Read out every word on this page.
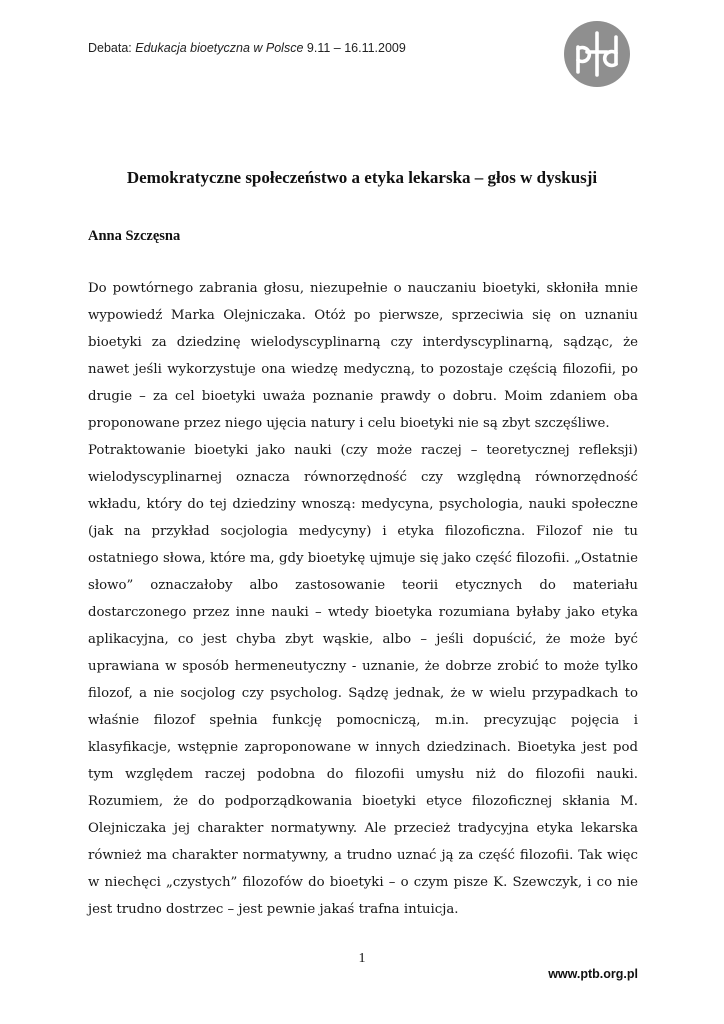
Debata: Edukacja bioetyczna w Polsce 9.11 – 16.11.2009
Demokratyczne społeczeństwo a etyka lekarska – głos w dyskusji
Anna Szczęsna

Do powtórnego zabrania głosu, niezupełnie o nauczaniu bioetyki, skłoniła mnie wypowiedź Marka Olejniczaka. Otóż po pierwsze, sprzeciwia się on uznaniu bioetyki za dziedzinę wielodyscyplinarną czy interdyscyplinarną, sądząc, że nawet jeśli wykorzystuje ona wiedzę medyczną, to pozostaje częścią filozofii, po drugie – za cel bioetyki uważa poznanie prawdy o dobru. Moim zdaniem oba proponowane przez niego ujęcia natury i celu bioetyki nie są zbyt szczęśliwe.

Potraktowanie bioetyki jako nauki (czy może raczej – teoretycznej refleksji) wielodyscyplinarnej oznacza równorzędność czy względną równorzędność wkładu, który do tej dziedziny wnoszą: medycyna, psychologia, nauki społeczne (jak na przykład socjologia medycyny) i etyka filozoficzna. Filozof nie tu ostatniego słowa, które ma, gdy bioetykę ujmuje się jako część filozofii. „Ostatnie słowo” oznaczałoby albo zastosowanie teorii etycznych do materiału dostarczonego przez inne nauki – wtedy bioetyka rozumiana byłaby jako etyka aplikacyjna, co jest chyba zbyt wąskie, albo – jeśli dopuścić, że może być uprawiana w sposób hermeneutyczny - uznanie, że dobrze zrobić to może tylko filozof, a nie socjolog czy psycholog. Sądzę jednak, że w wielu przypadkach to właśnie filozof spełnia funkcję pomocniczą, m.in. precyzując pojęcia i klasyfikacje, wstępnie zaproponowane w innych dziedzinach. Bioetyka jest pod tym względem raczej podobna do filozofii umysłu niż do filozofii nauki. Rozumiem, że do podporządkowania bioetyki etyce filozoficznej skłania M. Olejniczaka jej charakter normatywny. Ale przecież tradycyjna etyka lekarska również ma charakter normatywny, a trudno uznać ją za część filozofii. Tak więc w niechęci „czystych” filozofów do bioetyki – o czym pisze K. Szewczyk, i co nie jest trudno dostrzec – jest pewnie jakaś trafna intuicja.

1
www.ptb.org.pl
